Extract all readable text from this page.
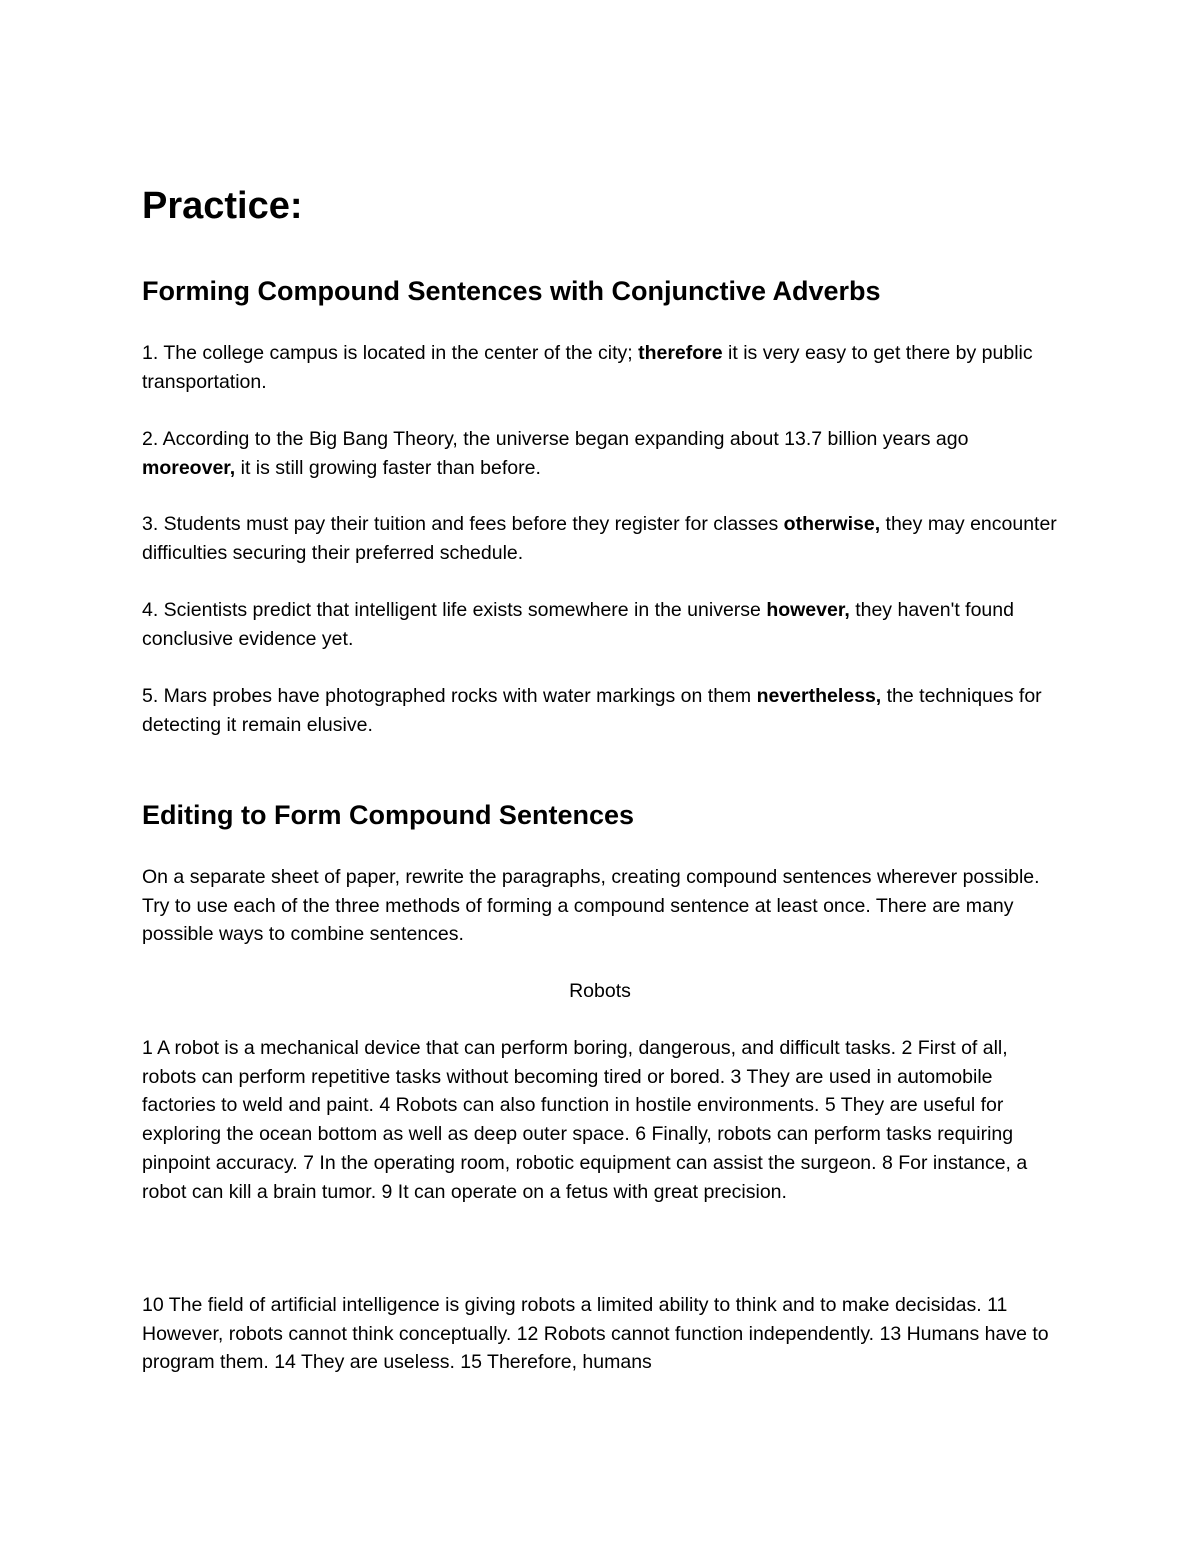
Practice:
Forming Compound Sentences with Conjunctive Adverbs

1. The college campus is located in the center of the city; therefore it is very easy to get there by public transportation.

2. According to the Big Bang Theory, the universe began expanding about 13.7 billion years ago moreover, it is still growing faster than before.

3. Students must pay their tuition and fees before they register for classes otherwise, they may encounter difficulties securing their preferred schedule.

4. Scientists predict that intelligent life exists somewhere in the universe however, they haven't found conclusive evidence yet.

5. Mars probes have photographed rocks with water markings on them nevertheless, the techniques for detecting it remain elusive.

Editing to Form Compound Sentences

On a separate sheet of paper, rewrite the paragraphs, creating compound sentences wherever possible. Try to use each of the three methods of forming a compound sentence at least once. There are many possible ways to combine sentences.

Robots

1 A robot is a mechanical device that can perform boring, dangerous, and difficult tasks. 2 First of all, robots can perform repetitive tasks without becoming tired or bored. 3 They are used in automobile factories to weld and paint. 4 Robots can also function in hostile environments. 5 They are useful for exploring the ocean bottom as well as deep outer space. 6 Finally, robots can perform tasks requiring pinpoint accuracy. 7 In the operating room, robotic equipment can assist the surgeon. 8 For instance, a robot can kill a brain tumor. 9 It can operate on a fetus with great precision.

10 The field of artificial intelligence is giving robots a limited ability to think and to make decisidas. 11 However, robots cannot think conceptually. 12 Robots cannot function independently. 13 Humans have to program them. 14 They are useless. 15 Therefore, humans
